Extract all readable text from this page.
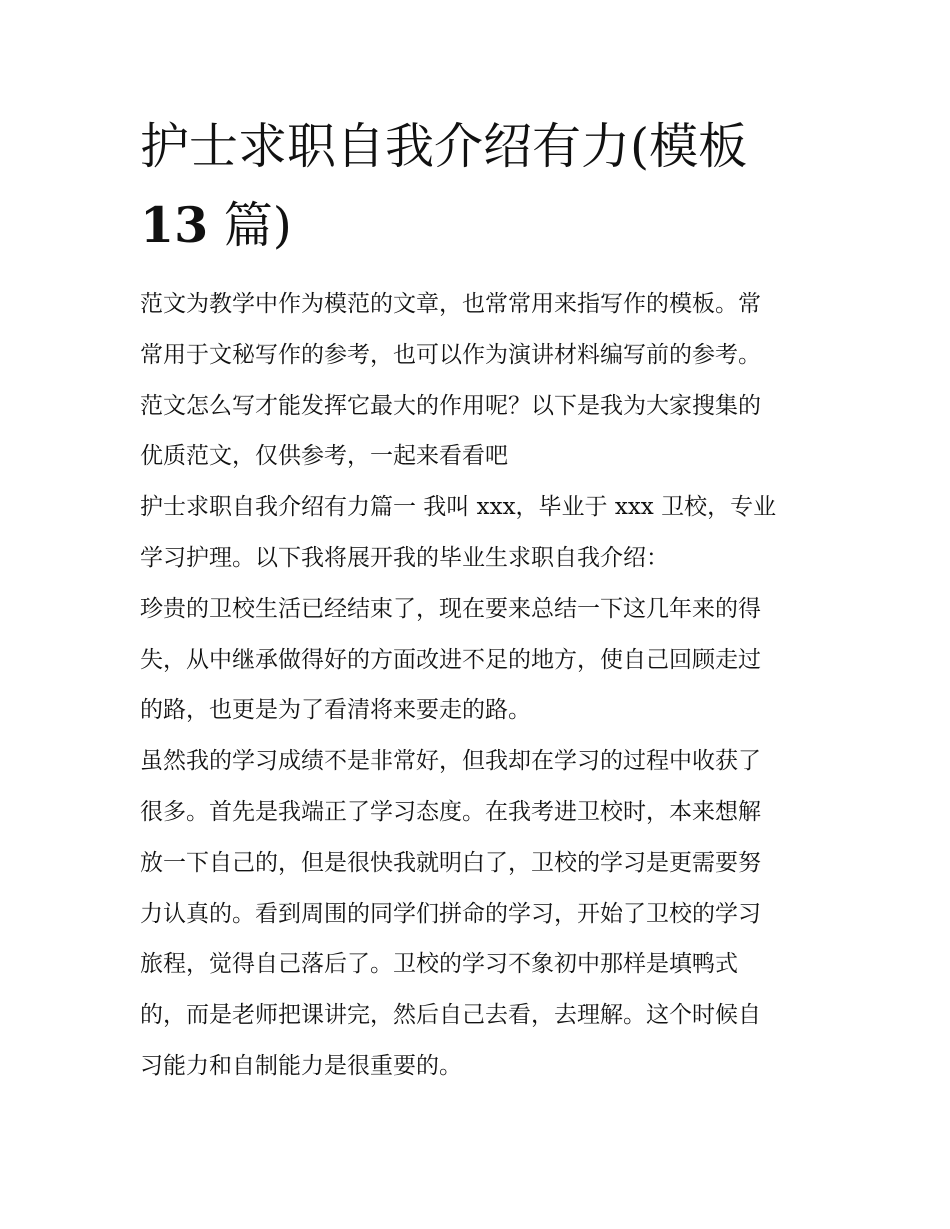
护士求职自我介绍有力(模板
13 篇)
范文为教学中作为模范的文章，也常常用来指写作的模板。常
常用于文秘写作的参考，也可以作为演讲材料编写前的参考。
范文怎么写才能发挥它最大的作用呢？以下是我为大家搜集的
优质范文，仅供参考，一起来看看吧
护士求职自我介绍有力篇一 我叫 xxx，毕业于 xxx 卫校，专业
学习护理。以下我将展开我的毕业生求职自我介绍：
珍贵的卫校生活已经结束了，现在要来总结一下这几年来的得
失，从中继承做得好的方面改进不足的地方，使自己回顾走过
的路，也更是为了看清将来要走的路。
虽然我的学习成绩不是非常好，但我却在学习的过程中收获了
很多。首先是我端正了学习态度。在我考进卫校时，本来想解
放一下自己的，但是很快我就明白了，卫校的学习是更需要努
力认真的。看到周围的同学们拼命的学习，开始了卫校的学习
旅程，觉得自己落后了。卫校的学习不象初中那样是填鸭式
的，而是老师把课讲完，然后自己去看，去理解。这个时候自
习能力和自制能力是很重要的。
